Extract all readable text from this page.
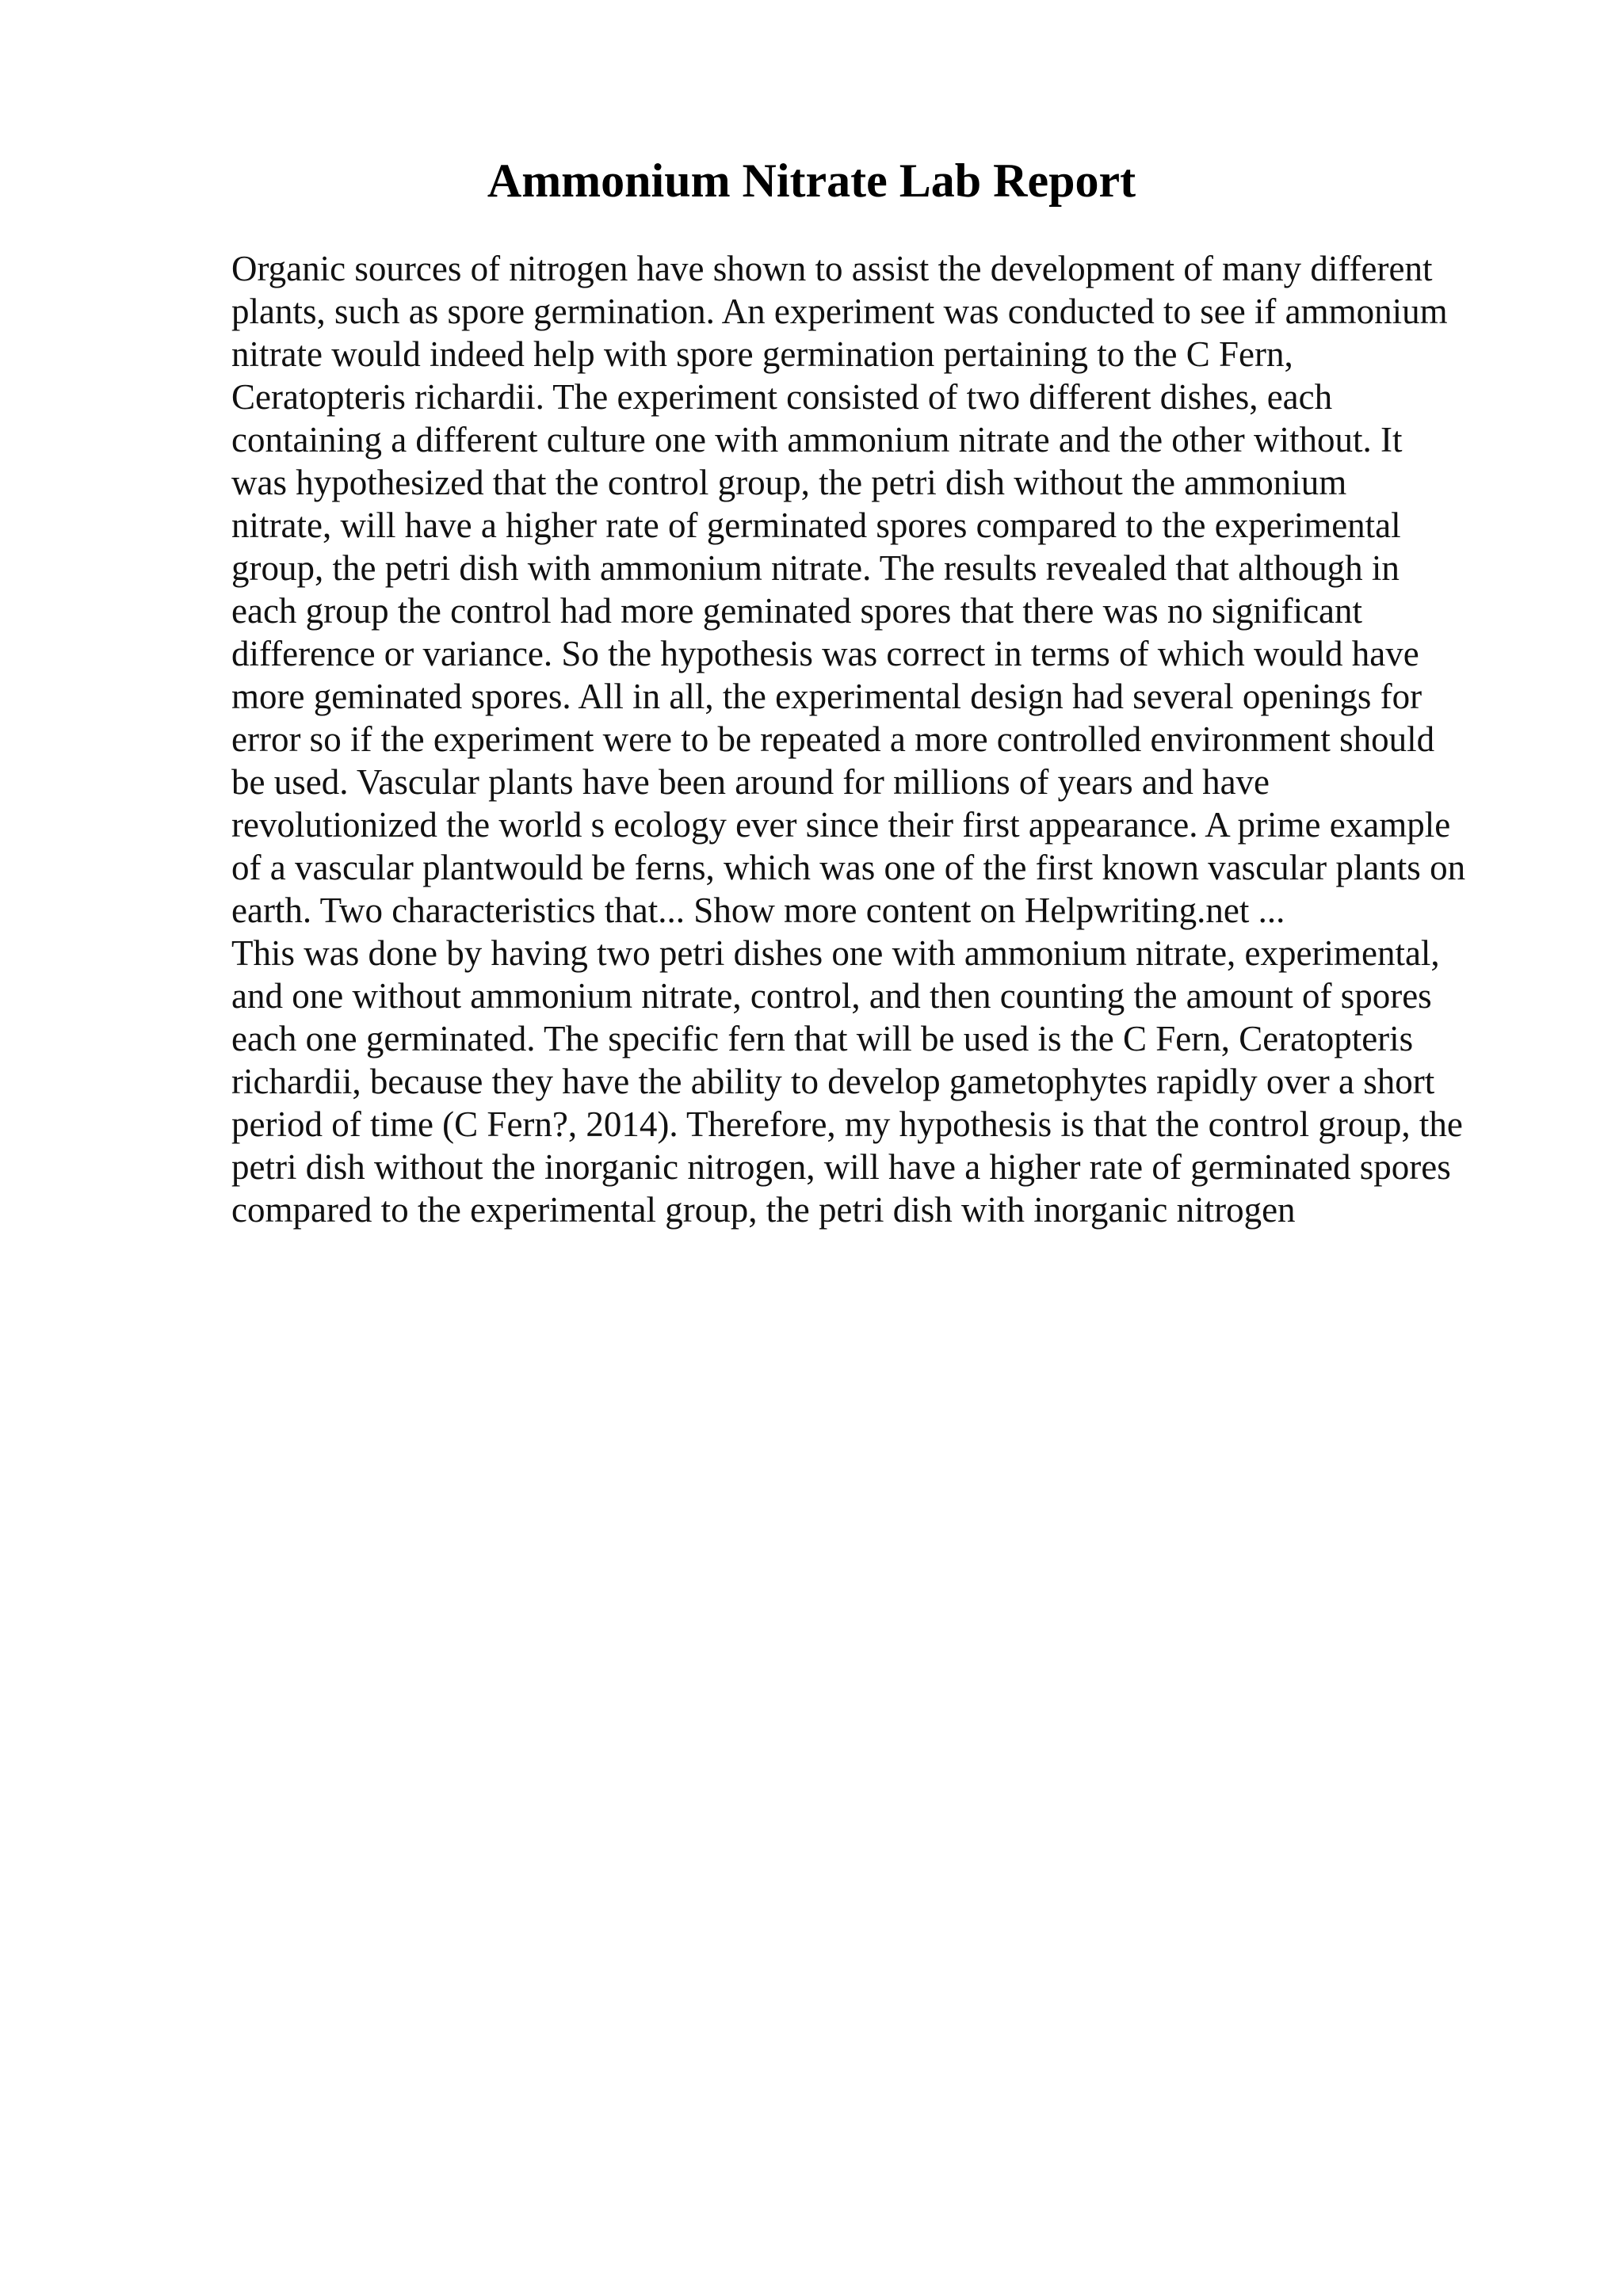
Ammonium Nitrate Lab Report
Organic sources of nitrogen have shown to assist the development of many different
plants, such as spore germination. An experiment was conducted to see if ammonium
nitrate would indeed help with spore germination pertaining to the C Fern,
Ceratopteris richardii. The experiment consisted of two different dishes, each
containing a different culture one with ammonium nitrate and the other without. It
was hypothesized that the control group, the petri dish without the ammonium
nitrate, will have a higher rate of germinated spores compared to the experimental
group, the petri dish with ammonium nitrate. The results revealed that although in
each group the control had more geminated spores that there was no significant
difference or variance. So the hypothesis was correct in terms of which would have
more geminated spores. All in all, the experimental design had several openings for
error so if the experiment were to be repeated a more controlled environment should
be used. Vascular plants have been around for millions of years and have
revolutionized the world s ecology ever since their first appearance. A prime example
of a vascular plantwould be ferns, which was one of the first known vascular plants on
earth. Two characteristics that... Show more content on Helpwriting.net ...
This was done by having two petri dishes one with ammonium nitrate, experimental,
and one without ammonium nitrate, control, and then counting the amount of spores
each one germinated. The specific fern that will be used is the C Fern, Ceratopteris
richardii, because they have the ability to develop gametophytes rapidly over a short
period of time (C Fern?, 2014). Therefore, my hypothesis is that the control group, the
petri dish without the inorganic nitrogen, will have a higher rate of germinated spores
compared to the experimental group, the petri dish with inorganic nitrogen
